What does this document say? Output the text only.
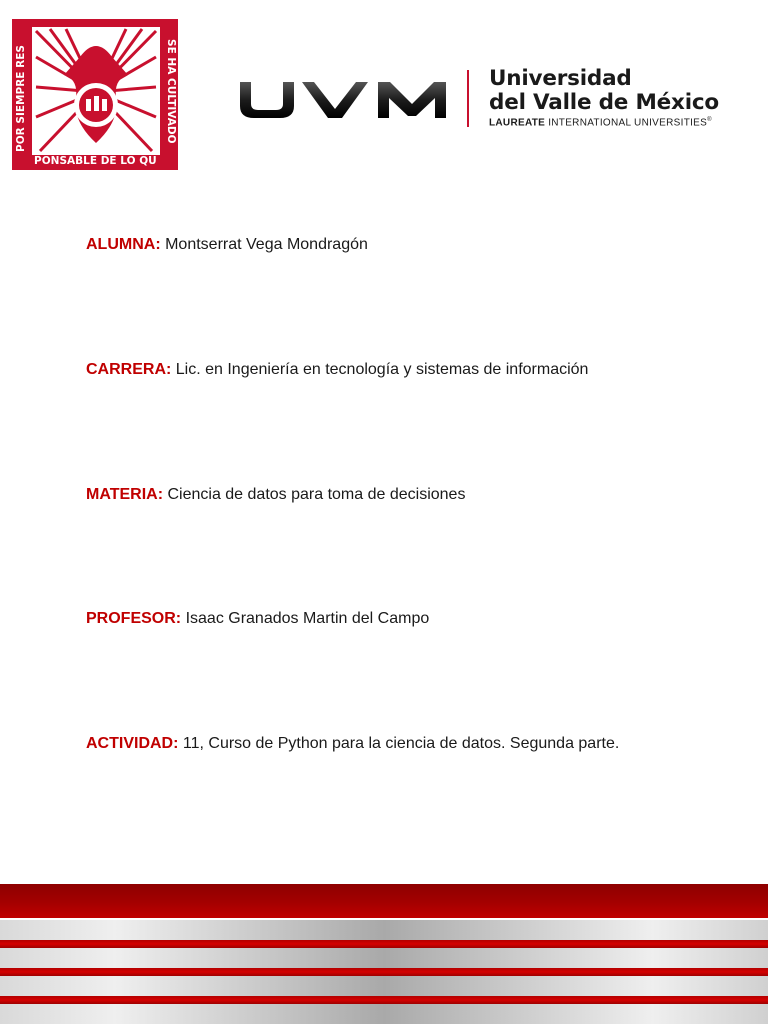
POR SIEMPRE RES
PONSABLE DE LO QU
SE HA CULTIVADO
Universidad
del Valle de México
LAUREATE INTERNATIONAL UNIVERSITIES®
ALUMNA: Montserrat Vega Mondragón
CARRERA: Lic. en Ingeniería en tecnología y sistemas de información
MATERIA: Ciencia de datos para toma de decisiones
PROFESOR: Isaac Granados Martin del Campo
ACTIVIDAD: 11, Curso de Python para la ciencia de datos. Segunda parte.
